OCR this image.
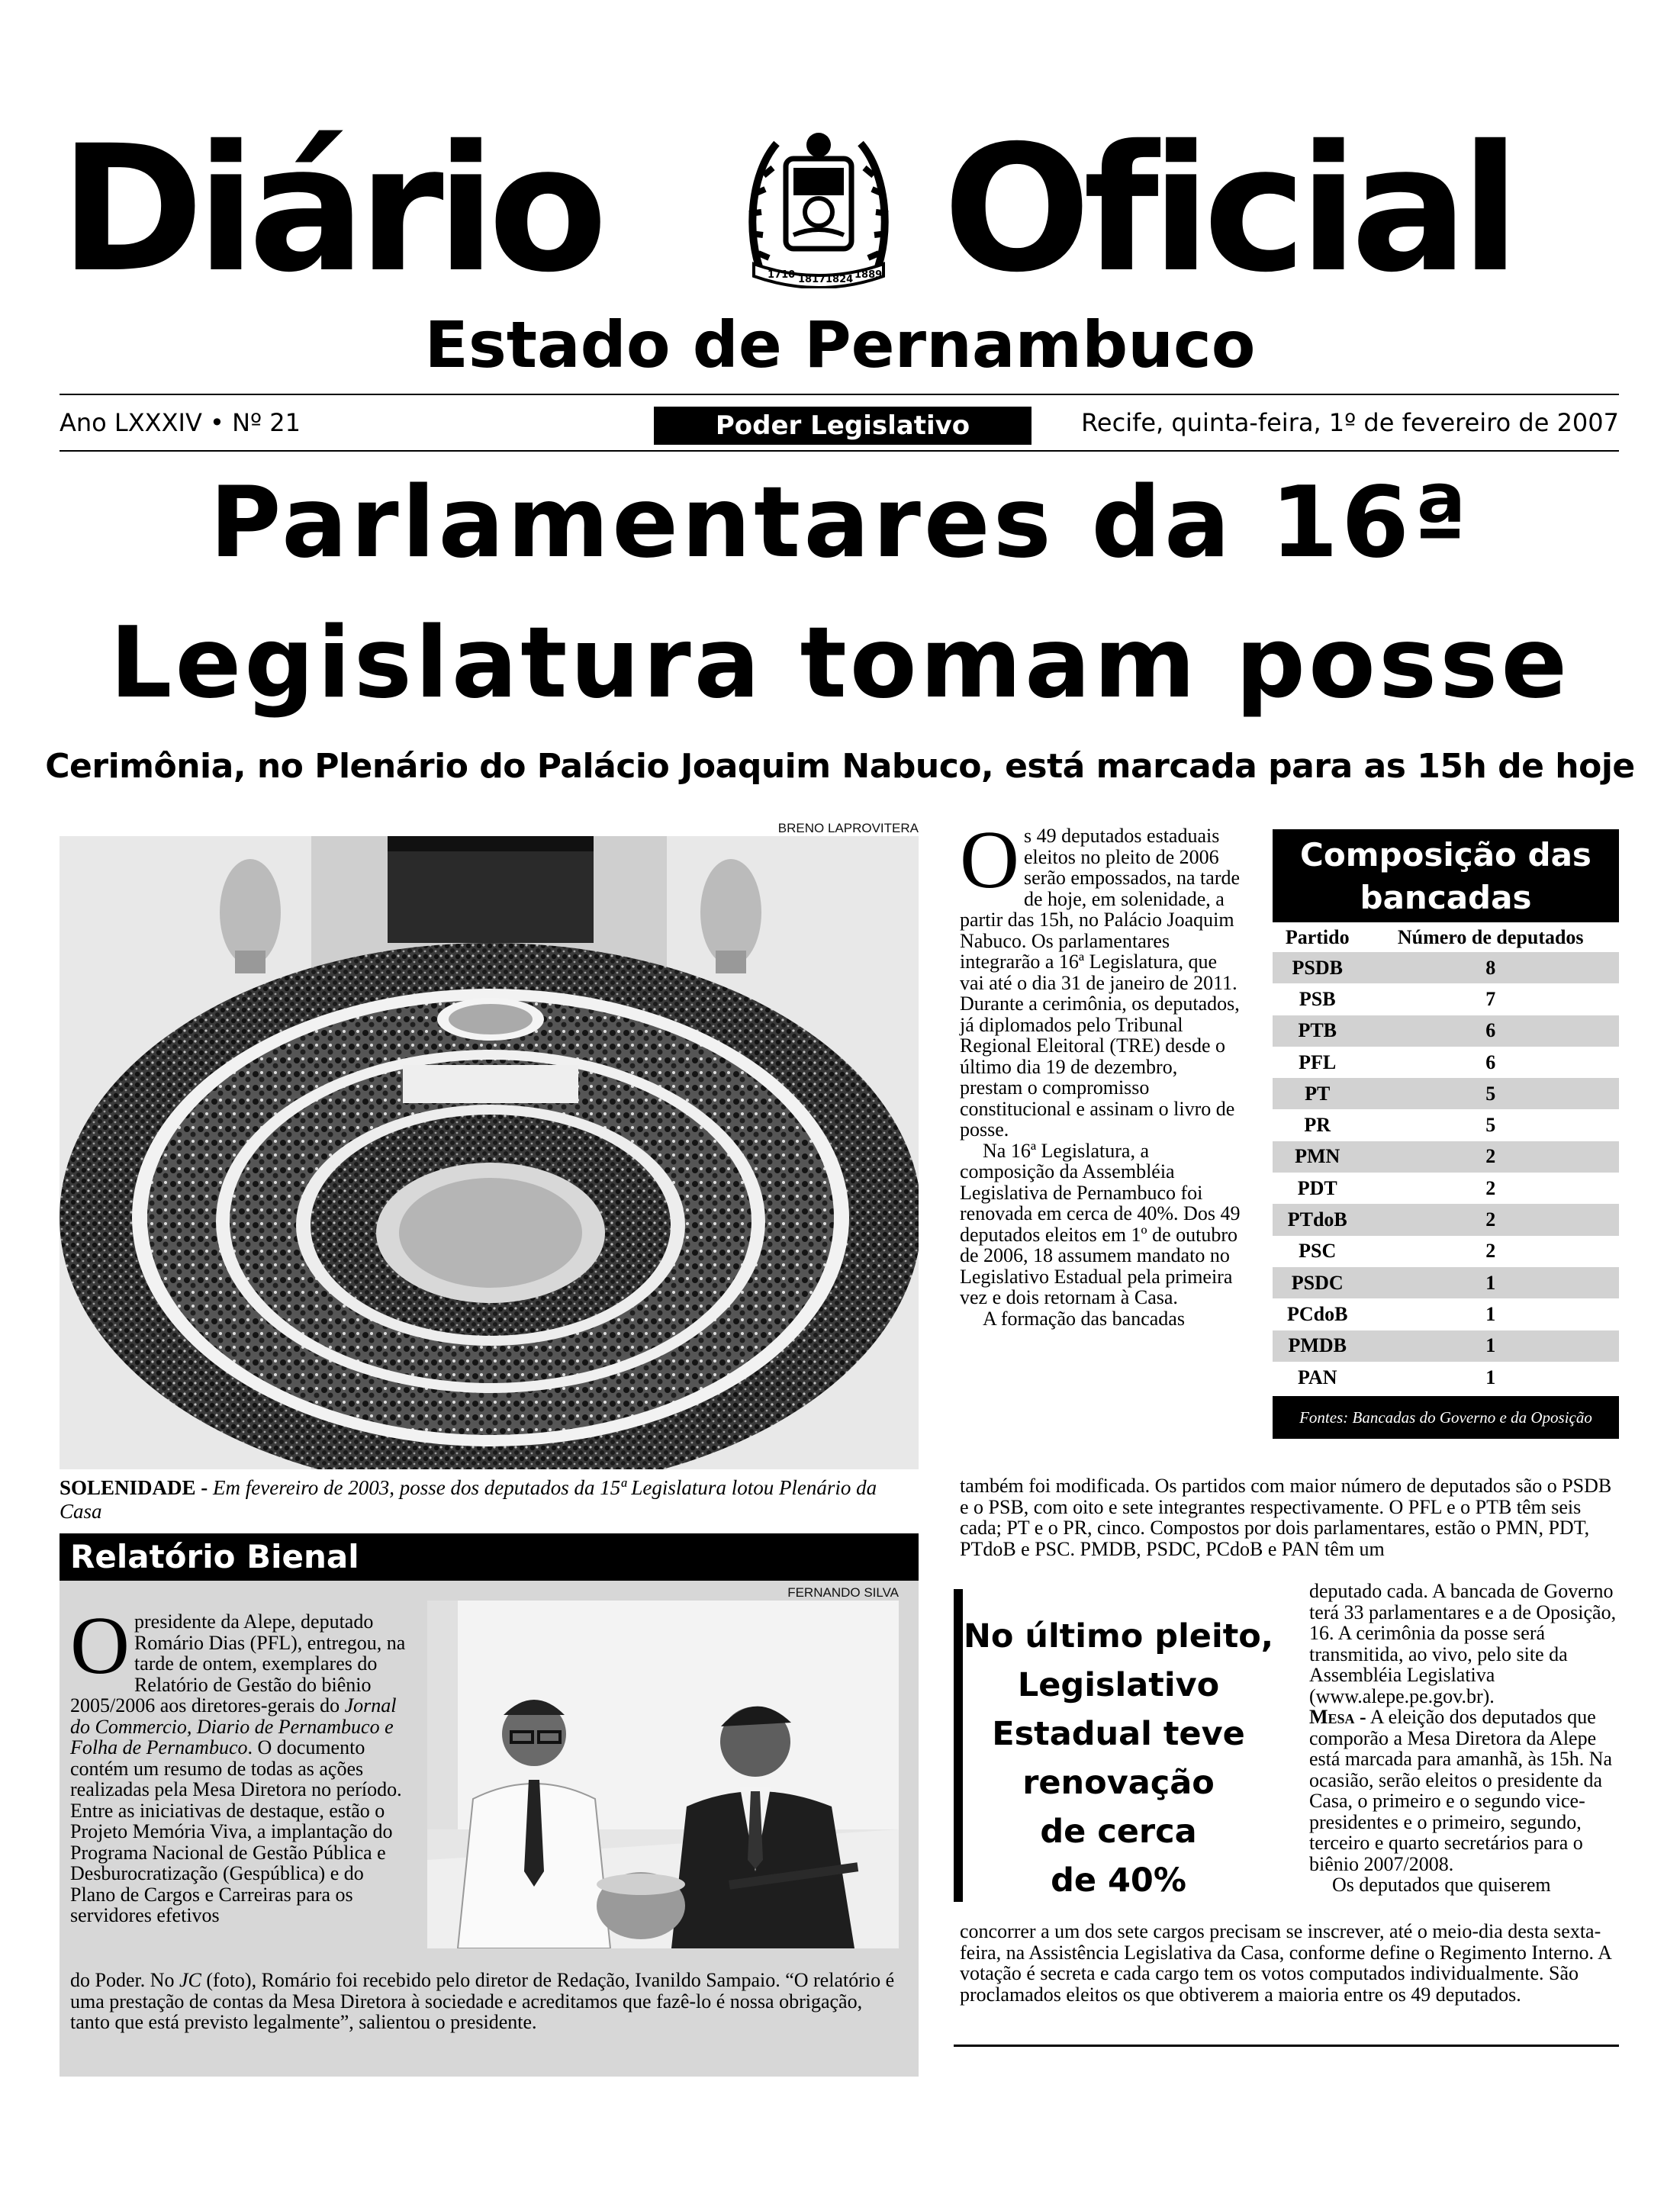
Diário	1710 1817 1824 1889 Oficial
Estado de Pernambuco
Ano LXXXIV • Nº 21	Poder Legislativo	Recife, quinta-feira, 1º de fevereiro de 2007
Parlamentares da 16ª
Legislatura tomam posse
Cerimônia, no Plenário do Palácio Joaquim Nabuco, está marcada para as 15h de hoje
BRENO LAPROVITERA
SOLENIDADE - Em fevereiro de 2003, posse dos deputados da 15ª Legislatura lotou Plenário da Casa
Os 49 deputados estaduais eleitos no pleito de 2006 serão empossados, na tarde de hoje, em solenidade, a partir das 15h, no Palácio Joaquim Nabuco. Os parlamentares integrarão a 16ª Legislatura, que vai até o dia 31 de janeiro de 2011. Durante a cerimônia, os deputados, já diplomados pelo Tribunal Regional Eleitoral (TRE) desde o último dia 19 de dezembro, prestam o compromisso constitucional e assinam o livro de posse.
Na 16ª Legislatura, a composição da Assembléia Legislativa de Pernambuco foi renovada em cerca de 40%. Dos 49 deputados eleitos em 1º de outubro de 2006, 18 assumem mandato no Legislativo Estadual pela primeira vez e dois retornam à Casa.
A formação das bancadas
também foi modificada. Os partidos com maior número de deputados são o PSDB e o PSB, com oito e sete integrantes respectivamente. O PFL e o PTB têm seis cada; PT e o PR, cinco. Compostos por dois parlamentares, estão o PMN, PDT, PTdoB e PSC. PMDB, PSDC, PCdoB e PAN têm um
Composição das
bancadas
Partido	Número de deputados
PSDB	8
PSB	7
PTB	6
PFL	6
PT	5
PR	5
PMN	2
PDT	2
PTdoB	2
PSC	2
PSDC	1
PCdoB	1
PMDB	1
PAN	1
Fontes: Bancadas do Governo e da Oposição
Relatório Bienal
FERNANDO SILVA
Opresidente da Alepe, deputado Romário Dias (PFL), entregou, na tarde de ontem, exemplares do Relatório de Gestão do biênio 2005/2006 aos diretores-gerais do Jornal do Commercio, Diario de Pernambuco e Folha de Pernambuco. O documento contém um resumo de todas as ações realizadas pela Mesa Diretora no período. Entre as iniciativas de destaque, estão o Projeto Memória Viva, a implantação do Programa Nacional de Gestão Pública e Desburocratização (Gespública) e do Plano de Cargos e Carreiras para os servidores efetivos
do Poder. No JC (foto), Romário foi recebido pelo diretor de Redação, Ivanildo Sampaio. “O relatório é uma prestação de contas da Mesa Diretora à sociedade e acreditamos que fazê-lo é nossa obrigação, tanto que está previsto legalmente”, salientou o presidente.
No último pleito,
Legislativo
Estadual teve
renovação
de cerca
de 40%
deputado cada. A bancada de Governo terá 33 parlamentares e a de Oposição, 16. A cerimônia da posse será transmitida, ao vivo, pelo site da Assembléia Legislativa (www.alepe.pe.gov.br).
Mesa - A eleição dos deputados que comporão a Mesa Diretora da Alepe está marcada para amanhã, às 15h. Na ocasião, serão eleitos o presidente da Casa, o primeiro e o segundo vice-presidentes e o primeiro, segundo, terceiro e quarto secretários para o biênio 2007/2008.
Os deputados que quiserem
concorrer a um dos sete cargos precisam se inscrever, até o meio-dia desta sexta-feira, na Assistência Legislativa da Casa, conforme define o Regimento Interno. A votação é secreta e cada cargo tem os votos computados individualmente. São proclamados eleitos os que obtiverem a maioria entre os 49 deputados.
